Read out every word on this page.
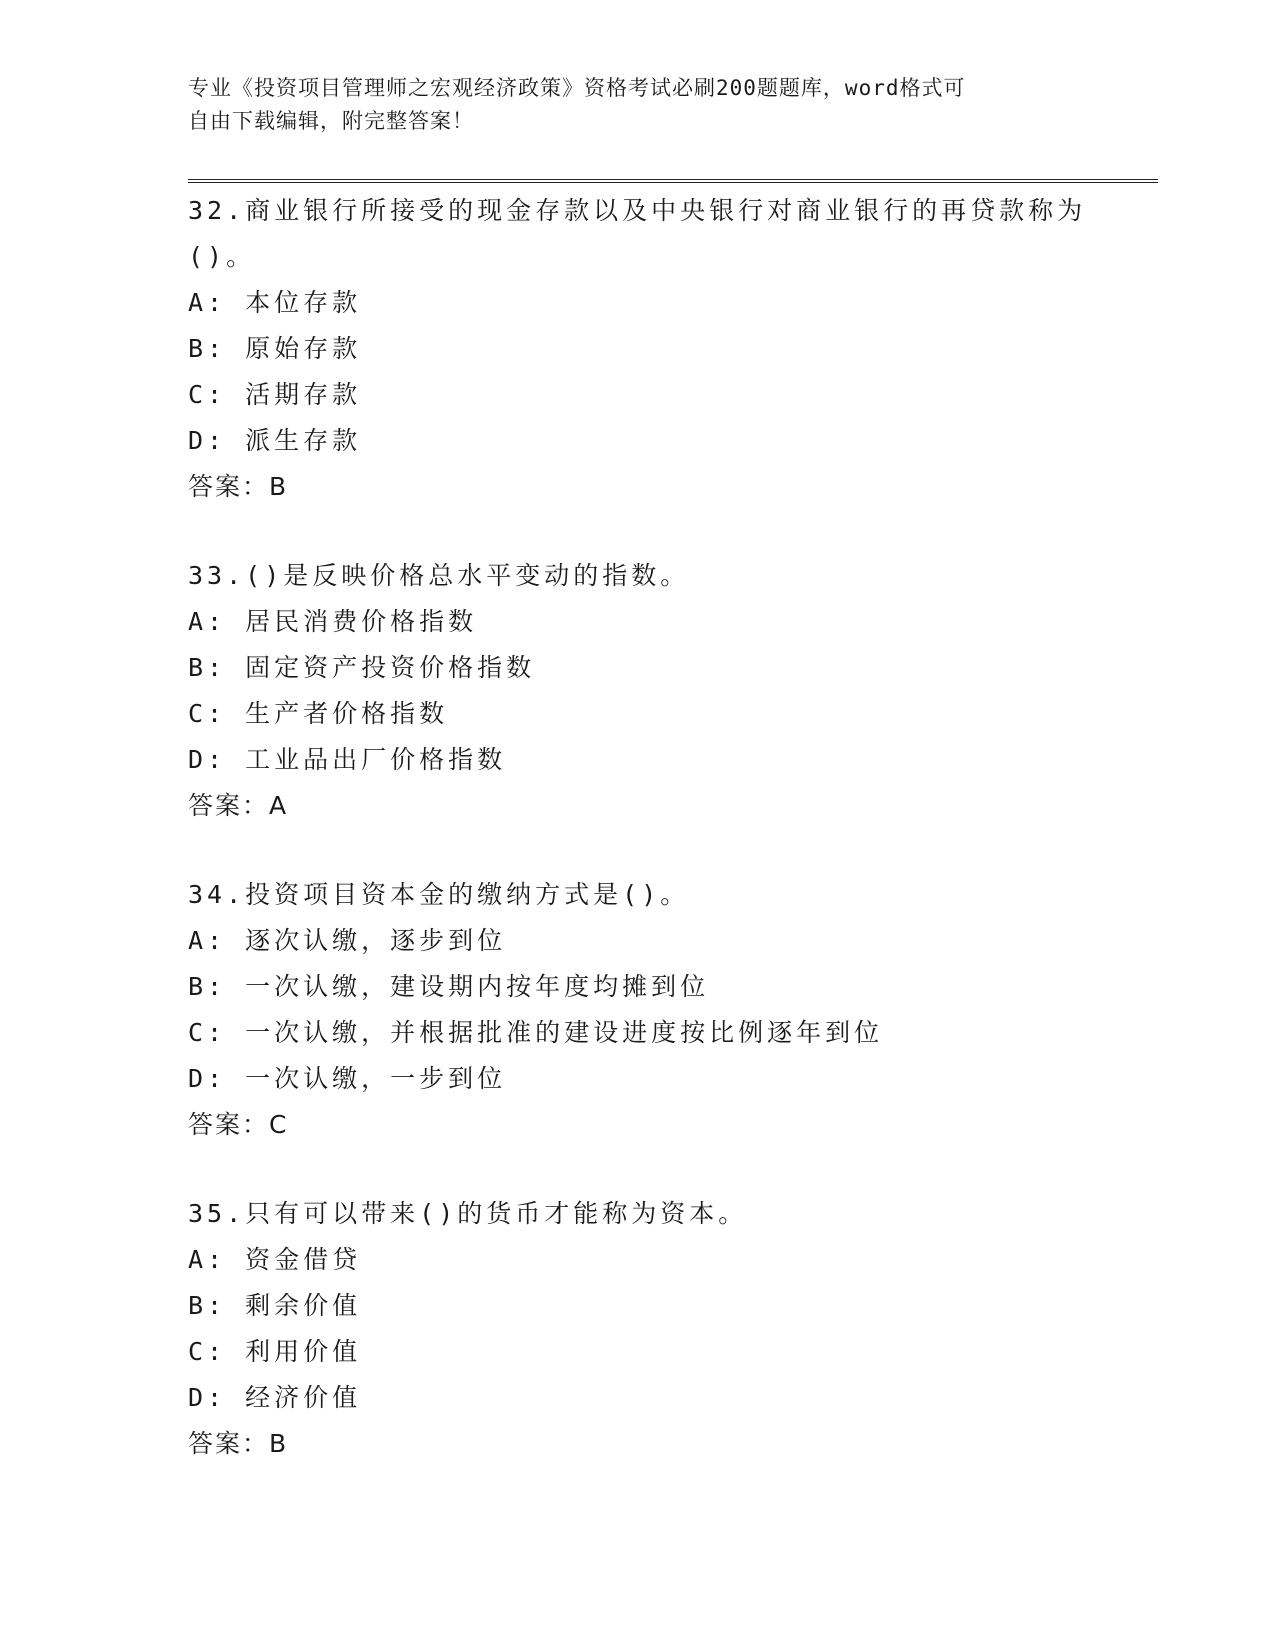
专业《投资项目管理师之宏观经济政策》资格考试必刷200题题库，word格式可
自由下载编辑，附完整答案！

32.商业银行所接受的现金存款以及中央银行对商业银行的再贷款称为

()。

A: 本位存款

B: 原始存款

C: 活期存款

D: 派生存款

答案：B

33.()是反映价格总水平变动的指数。

A: 居民消费价格指数

B: 固定资产投资价格指数

C: 生产者价格指数

D: 工业品出厂价格指数

答案：A

34.投资项目资本金的缴纳方式是()。

A: 逐次认缴，逐步到位

B: 一次认缴，建设期内按年度均摊到位

C: 一次认缴，并根据批准的建设进度按比例逐年到位

D: 一次认缴，一步到位

答案：C

35.只有可以带来()的货币才能称为资本。

A: 资金借贷

B: 剩余价值

C: 利用价值

D: 经济价值

答案：B
